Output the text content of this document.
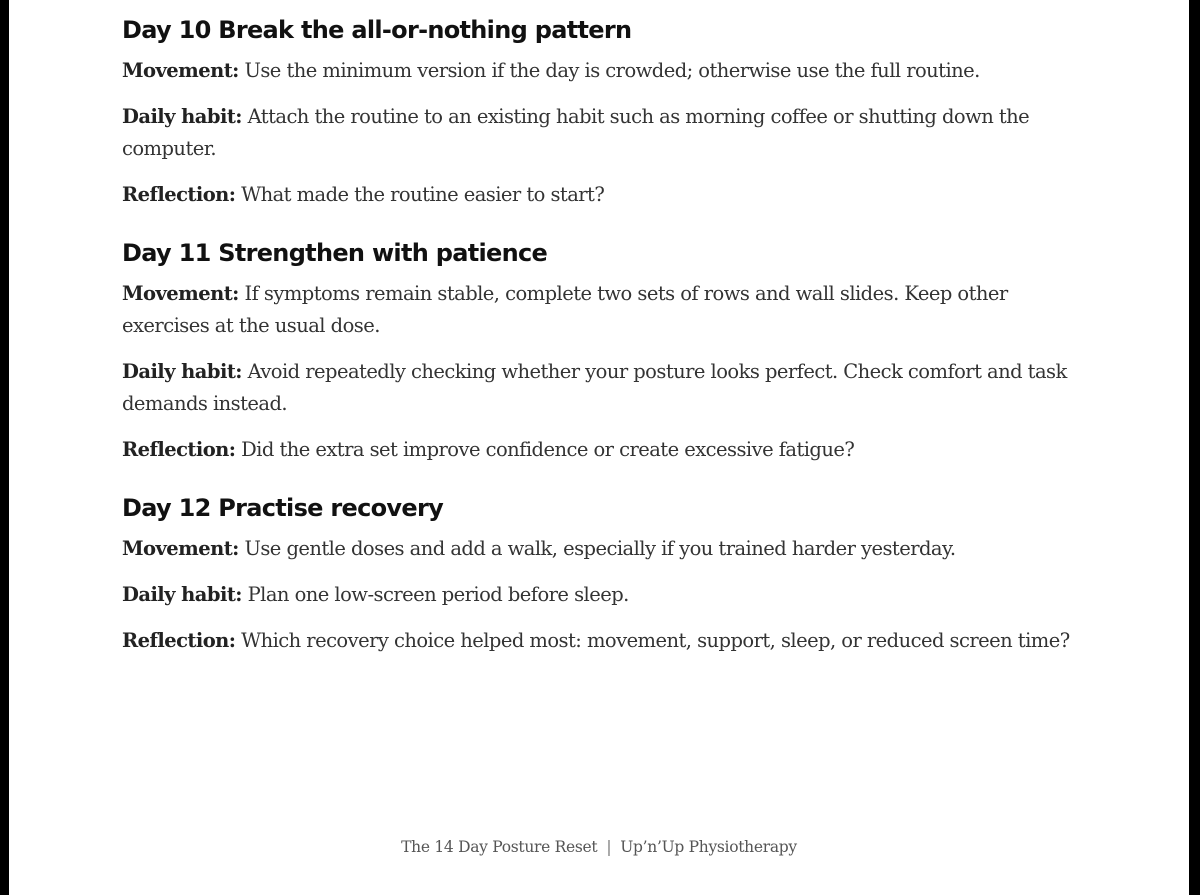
Day 10 Break the all-or-nothing pattern

Movement: Use the minimum version if the day is crowded; otherwise use the full routine.

Daily habit: Attach the routine to an existing habit such as morning coffee or shutting down the computer.

Reflection: What made the routine easier to start?

Day 11 Strengthen with patience

Movement: If symptoms remain stable, complete two sets of rows and wall slides. Keep other exercises at the usual dose.

Daily habit: Avoid repeatedly checking whether your posture looks perfect. Check comfort and task demands instead.

Reflection: Did the extra set improve confidence or create excessive fatigue?

Day 12 Practise recovery

Movement: Use gentle doses and add a walk, especially if you trained harder yesterday.

Daily habit: Plan one low-screen period before sleep.

Reflection: Which recovery choice helped most: movement, support, sleep, or reduced screen time?

The 14 Day Posture Reset | Up’n’Up Physiotherapy
